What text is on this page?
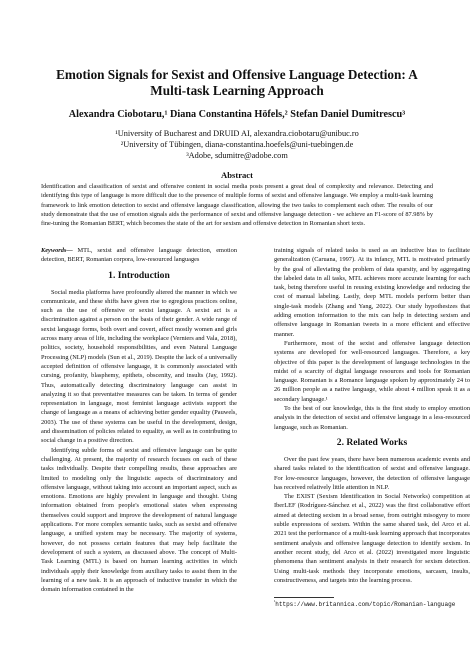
Emotion Signals for Sexist and Offensive Language Detection: A Multi-task Learning Approach
Alexandra Ciobotaru,¹ Diana Constantina Höfels,² Stefan Daniel Dumitrescu³
¹University of Bucharest and DRUID AI, alexandra.ciobotaru@unibuc.ro
²University of Tübingen, diana-constantina.hoefels@uni-tuebingen.de
³Adobe, sdumitre@adobe.com
Abstract
Identification and classification of sexist and offensive content in social media posts present a great deal of complexity and relevance. Detecting and identifying this type of language is more difficult due to the presence of multiple forms of sexist and offensive language. We employ a multi-task learning framework to link emotion detection to sexist and offensive language classification, allowing the two tasks to complement each other. The results of our study demonstrate that the use of emotion signals aids the performance of sexist and offensive language detection - we achieve an F1-score of 87.98% by fine-tuning the Romanian BERT, which becomes the state of the art for sexism and offensive detection in Romanian short texts.

Keywords— MTL, sexist and offensive language detection, emotion detection, BERT, Romanian corpora, low-resourced languages

1. Introduction

Social media platforms have profoundly altered the manner in which we communicate, and these shifts have given rise to egregious practices online, such as the use of offensive or sexist language. A sexist act is a discrimination against a person on the basis of their gender. A wide range of sexist language forms, both overt and covert, affect mostly women and girls across many areas of life, including the workplace (Verniers and Vala, 2018), politics, society, household responsibilities, and even Natural Language Processing (NLP) models (Sun et al., 2019). Despite the lack of a universally accepted definition of offensive language, it is commonly associated with cursing, profanity, blasphemy, epithets, obscenity, and insults (Jay, 1992). Thus, automatically detecting discriminatory language can assist in analyzing it so that preventative measures can be taken. In terms of gender representation in language, most feminist language activists support the change of language as a means of achieving better gender equality (Pauwels, 2003). The use of these systems can be useful in the development, design, and dissemination of policies related to equality, as well as in contributing to social change in a positive direction.

Identifying subtle forms of sexist and offensive language can be quite challenging. At present, the majority of research focuses on each of these tasks individually. Despite their compelling results, these approaches are limited to modeling only the linguistic aspects of discriminatory and offensive language, without taking into account an important aspect, such as emotions. Emotions are highly prevalent in language and thought. Using information obtained from people's emotional states when expressing themselves could support and improve the development of natural language applications. For more complex semantic tasks, such as sexist and offensive language, a unified system may be necessary. The majority of systems, however, do not possess certain features that may help facilitate the development of such a system, as discussed above. The concept of Multi-Task Learning (MTL) is based on human learning activities in which individuals apply their knowledge from auxiliary tasks to assist them in the learning of a new task. It is an approach of inductive transfer in which the domain information contained in the

training signals of related tasks is used as an inductive bias to facilitate generalization (Caruana, 1997). At its infancy, MTL is motivated primarily by the goal of alleviating the problem of data sparsity, and by aggregating the labeled data in all tasks, MTL achieves more accurate learning for each task, being therefore useful in reusing existing knowledge and reducing the cost of manual labeling. Lastly, deep MTL models perform better than single-task models (Zhang and Yang, 2022). Our study hypothesizes that adding emotion information to the mix can help in detecting sexism and offensive language in Romanian tweets in a more efficient and effective manner.

Furthermore, most of the sexist and offensive language detection systems are developed for well-resourced languages. Therefore, a key objective of this paper is the development of language technologies in the midst of a scarcity of digital language resources and tools for Romanian language. Romanian is a Romance language spoken by approximately 24 to 26 million people as a native language, while about 4 million speak it as a secondary language.¹

To the best of our knowledge, this is the first study to employ emotion analysis in the detection of sexist and offensive language in a less-resourced language, such as Romanian.

2. Related Works

Over the past few years, there have been numerous academic events and shared tasks related to the identification of sexist and offensive language. For low-resource languages, however, the detection of offensive language has received relatively little attention in NLP.

The EXIST (Sexism Identification in Social Networks) competition at IberLEF (Rodríguez-Sánchez et al., 2022) was the first collaborative effort aimed at detecting sexism in a broad sense, from outright misogyny to more subtle expressions of sexism. Within the same shared task, del Arco et al. 2021 test the performance of a multi-task learning approach that incorporates sentiment analysis and offensive language detection to identify sexism. In another recent study, del Arco et al. (2022) investigated more linguistic phenomena than sentiment analysis in their research for sexism detection. Using multi-task methods they incorporate emotions, sarcasm, insults, constructiveness, and targets into the learning process.

$^{^1}$https://www.britannica.com/topic/Romanian-language
